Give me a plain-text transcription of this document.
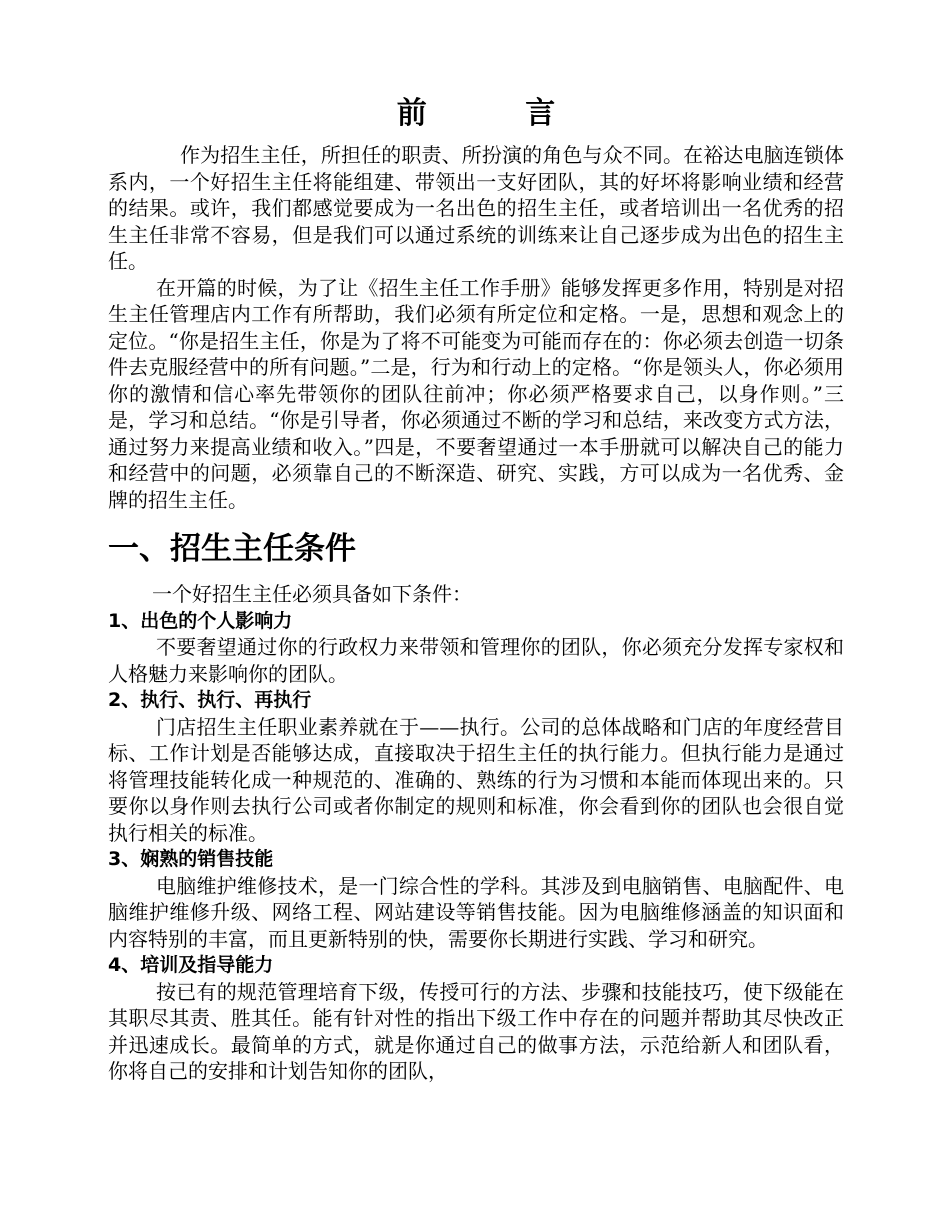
前 言

作为招生主任，所担任的职责、所扮演的角色与众不同。在裕达电脑连锁体系内，一个好招生主任将能组建、带领出一支好团队，其的好坏将影响业绩和经营的结果。或许，我们都感觉要成为一名出色的招生主任，或者培训出一名优秀的招生主任非常不容易，但是我们可以通过系统的训练来让自己逐步成为出色的招生主任。

在开篇的时候，为了让《招生主任工作手册》能够发挥更多作用，特别是对招生主任管理店内工作有所帮助，我们必须有所定位和定格。一是，思想和观念上的定位。“你是招生主任，你是为了将不可能变为可能而存在的：你必须去创造一切条件去克服经营中的所有问题。”二是，行为和行动上的定格。“你是领头人，你必须用你的激情和信心率先带领你的团队往前冲；你必须严格要求自己，以身作则。”三是，学习和总结。“你是引导者，你必须通过不断的学习和总结，来改变方式方法，通过努力来提高业绩和收入。”四是，不要奢望通过一本手册就可以解决自己的能力和经营中的问题，必须靠自己的不断深造、研究、实践，方可以成为一名优秀、金牌的招生主任。

一、招生主任条件

一个好招生主任必须具备如下条件：

1、出色的个人影响力

不要奢望通过你的行政权力来带领和管理你的团队，你必须充分发挥专家权和人格魅力来影响你的团队。

2、执行、执行、再执行

门店招生主任职业素养就在于——执行。公司的总体战略和门店的年度经营目标、工作计划是否能够达成，直接取决于招生主任的执行能力。但执行能力是通过将管理技能转化成一种规范的、准确的、熟练的行为习惯和本能而体现出来的。只要你以身作则去执行公司或者你制定的规则和标准，你会看到你的团队也会很自觉执行相关的标准。

3、娴熟的销售技能

电脑维护维修技术，是一门综合性的学科。其涉及到电脑销售、电脑配件、电脑维护维修升级、网络工程、网站建设等销售技能。因为电脑维修涵盖的知识面和内容特别的丰富，而且更新特别的快，需要你长期进行实践、学习和研究。

4、培训及指导能力

按已有的规范管理培育下级，传授可行的方法、步骤和技能技巧，使下级能在其职尽其责、胜其任。能有针对性的指出下级工作中存在的问题并帮助其尽快改正并迅速成长。最简单的方式，就是你通过自己的做事方法，示范给新人和团队看，你将自己的安排和计划告知你的团队，
